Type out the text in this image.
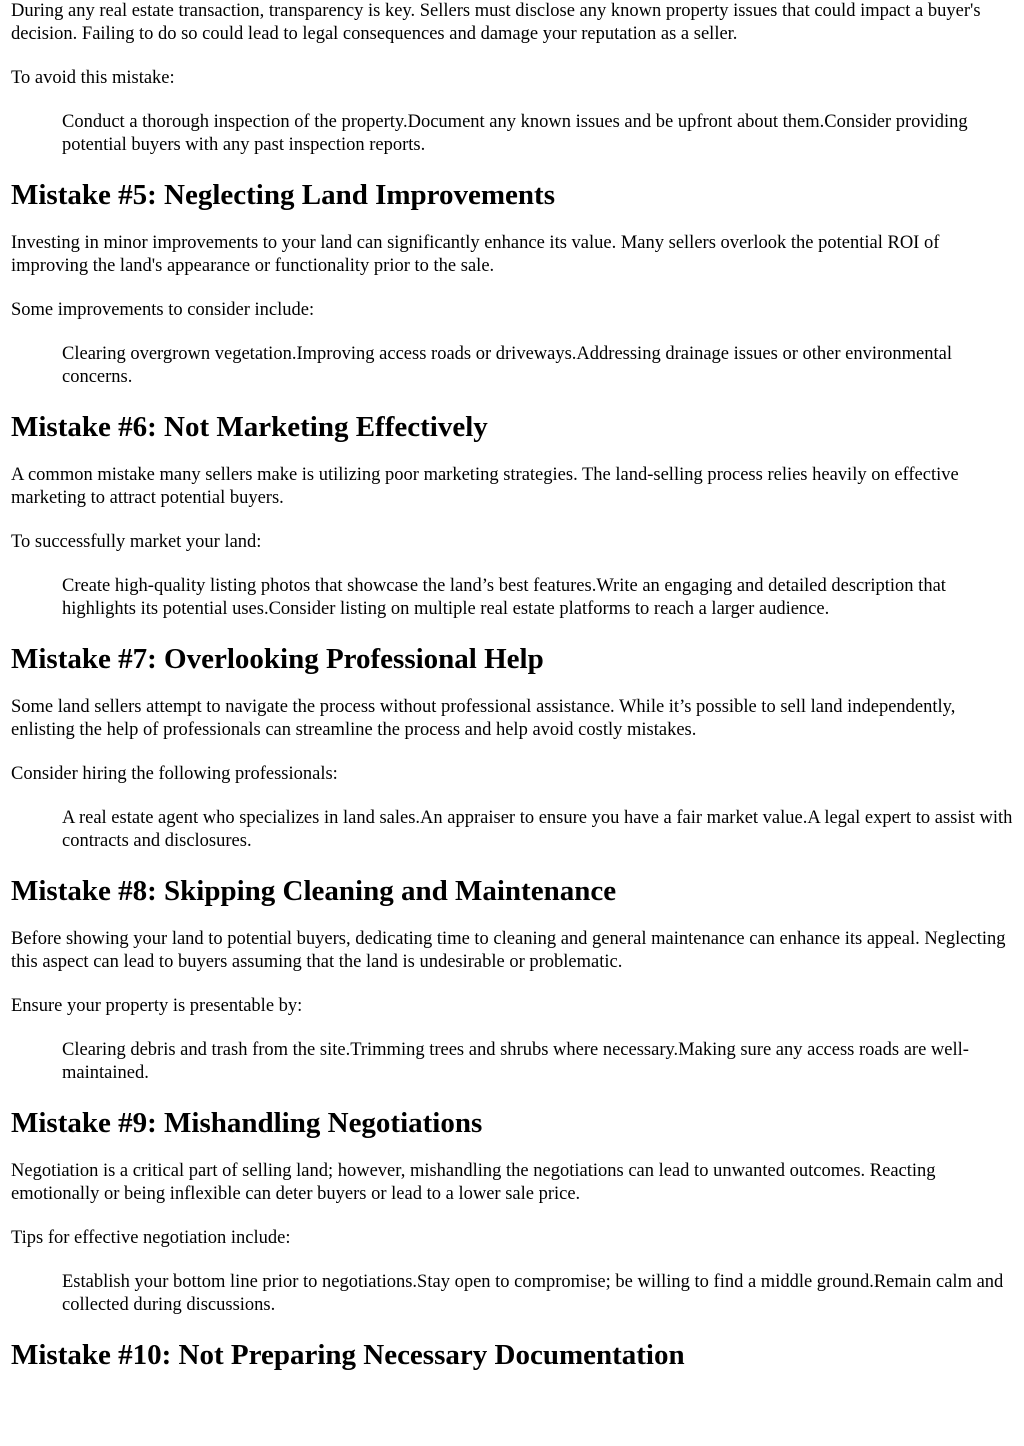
During any real estate transaction, transparency is key. Sellers must disclose any known property issues that could impact a buyer's decision. Failing to do so could lead to legal consequences and damage your reputation as a seller.

To avoid this mistake:

Conduct a thorough inspection of the property.Document any known issues and be upfront about them.Consider providing potential buyers with any past inspection reports.

Mistake #5: Neglecting Land Improvements

Investing in minor improvements to your land can significantly enhance its value. Many sellers overlook the potential ROI of improving the land's appearance or functionality prior to the sale.

Some improvements to consider include:

Clearing overgrown vegetation.Improving access roads or driveways.Addressing drainage issues or other environmental concerns.

Mistake #6: Not Marketing Effectively

A common mistake many sellers make is utilizing poor marketing strategies. The land-selling process relies heavily on effective marketing to attract potential buyers.

To successfully market your land:

Create high-quality listing photos that showcase the land’s best features.Write an engaging and detailed description that highlights its potential uses.Consider listing on multiple real estate platforms to reach a larger audience.

Mistake #7: Overlooking Professional Help

Some land sellers attempt to navigate the process without professional assistance. While it’s possible to sell land independently, enlisting the help of professionals can streamline the process and help avoid costly mistakes.

Consider hiring the following professionals:

A real estate agent who specializes in land sales.An appraiser to ensure you have a fair market value.A legal expert to assist with contracts and disclosures.

Mistake #8: Skipping Cleaning and Maintenance

Before showing your land to potential buyers, dedicating time to cleaning and general maintenance can enhance its appeal. Neglecting this aspect can lead to buyers assuming that the land is undesirable or problematic.

Ensure your property is presentable by:

Clearing debris and trash from the site.Trimming trees and shrubs where necessary.Making sure any access roads are well-maintained.

Mistake #9: Mishandling Negotiations

Negotiation is a critical part of selling land; however, mishandling the negotiations can lead to unwanted outcomes. Reacting emotionally or being inflexible can deter buyers or lead to a lower sale price.

Tips for effective negotiation include:

Establish your bottom line prior to negotiations.Stay open to compromise; be willing to find a middle ground.Remain calm and collected during discussions.

Mistake #10: Not Preparing Necessary Documentation
